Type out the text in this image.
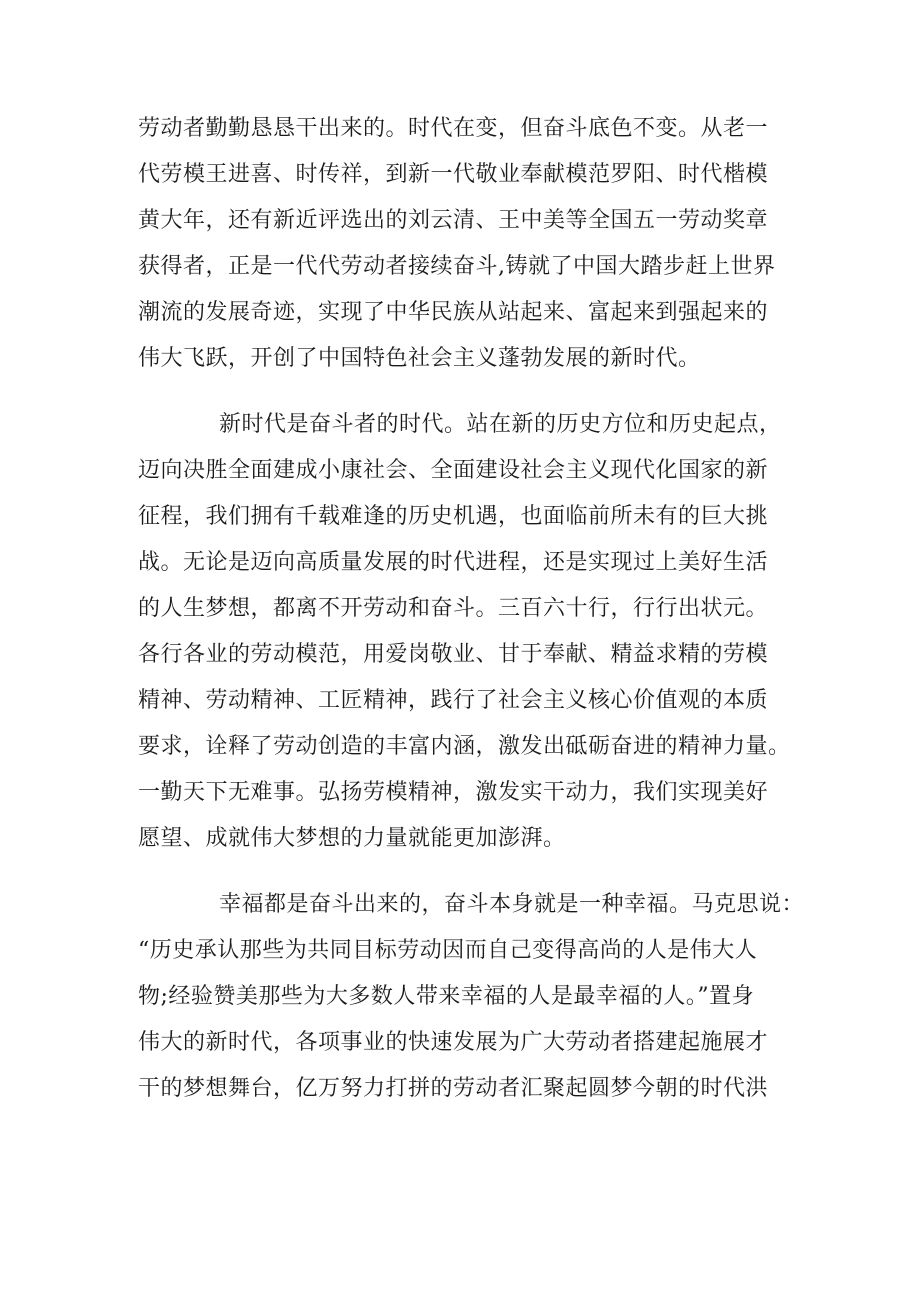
劳动者勤勤恳恳干出来的。时代在变，但奋斗底色不变。从老一
代劳模王进喜、时传祥，到新一代敬业奉献模范罗阳、时代楷模
黄大年，还有新近评选出的刘云清、王中美等全国五一劳动奖章
获得者，正是一代代劳动者接续奋斗,铸就了中国大踏步赶上世界
潮流的发展奇迹，实现了中华民族从站起来、富起来到强起来的
伟大飞跃，开创了中国特色社会主义蓬勃发展的新时代。
新时代是奋斗者的时代。站在新的历史方位和历史起点，
迈向决胜全面建成小康社会、全面建设社会主义现代化国家的新
征程，我们拥有千载难逢的历史机遇，也面临前所未有的巨大挑
战。无论是迈向高质量发展的时代进程，还是实现过上美好生活
的人生梦想，都离不开劳动和奋斗。三百六十行，行行出状元。
各行各业的劳动模范，用爱岗敬业、甘于奉献、精益求精的劳模
精神、劳动精神、工匠精神，践行了社会主义核心价值观的本质
要求，诠释了劳动创造的丰富内涵，激发出砥砺奋进的精神力量。
一勤天下无难事。弘扬劳模精神，激发实干动力，我们实现美好
愿望、成就伟大梦想的力量就能更加澎湃。
幸福都是奋斗出来的，奋斗本身就是一种幸福。马克思说：
“历史承认那些为共同目标劳动因而自己变得高尚的人是伟大人
物;经验赞美那些为大多数人带来幸福的人是最幸福的人。”置身
伟大的新时代，各项事业的快速发展为广大劳动者搭建起施展才
干的梦想舞台，亿万努力打拼的劳动者汇聚起圆梦今朝的时代洪
